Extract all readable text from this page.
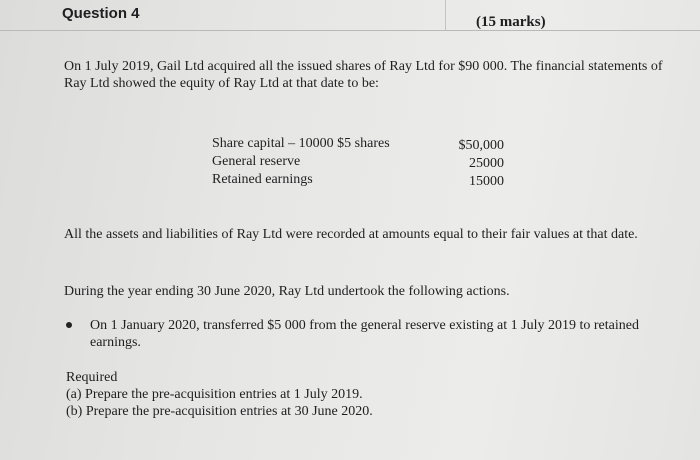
Question 4	(15 marks)
On 1 July 2019, Gail Ltd acquired all the issued shares of Ray Ltd for $90 000. The financial statements of Ray Ltd showed the equity of Ray Ltd at that date to be:
Share capital – 10000 $5 shares	$50,000
General reserve	25000
Retained earnings	15000
All the assets and liabilities of Ray Ltd were recorded at amounts equal to their fair values at that date.
During the year ending 30 June 2020, Ray Ltd undertook the following actions.
On 1 January 2020, transferred $5 000 from the general reserve existing at 1 July 2019 to retained earnings.
Required
(a) Prepare the pre-acquisition entries at 1 July 2019.
(b) Prepare the pre-acquisition entries at 30 June 2020.
